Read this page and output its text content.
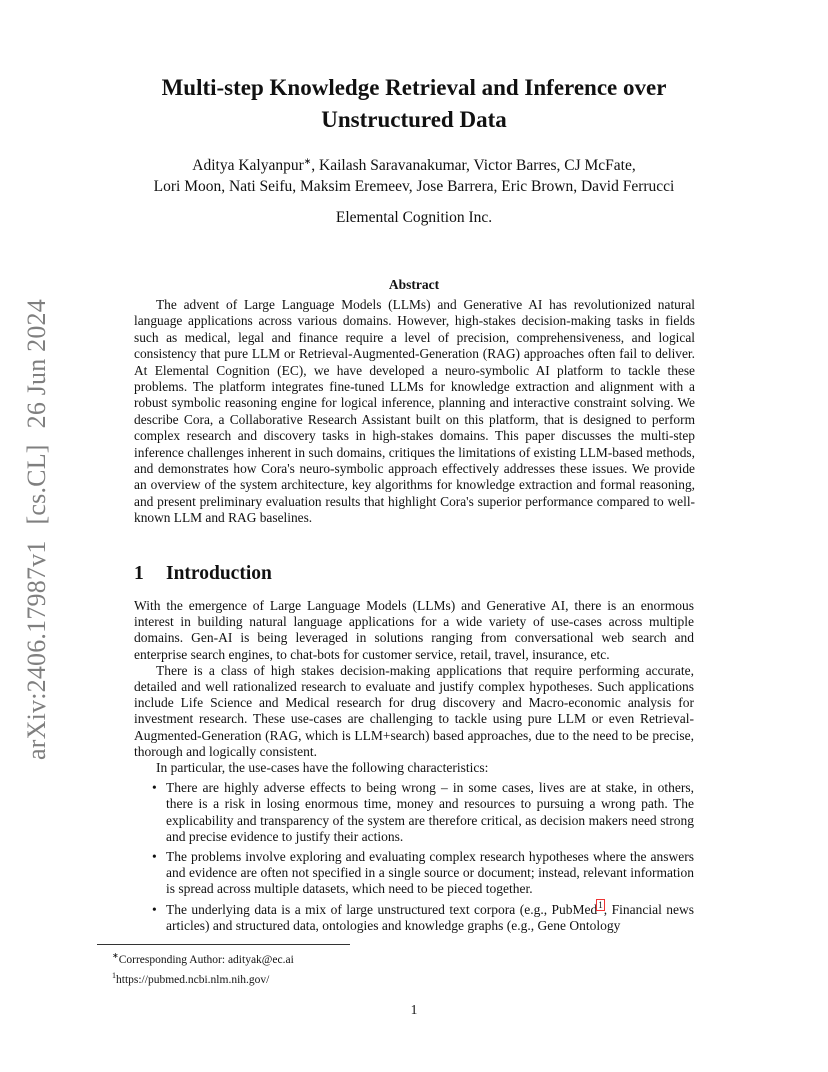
arXiv:2406.17987v1[cs.CL]26 Jun 2024
Multi-step Knowledge Retrieval and Inference over
Unstructured Data
Aditya Kalyanpur∗, Kailash Saravanakumar, Victor Barres, CJ McFate,
Lori Moon, Nati Seifu, Maksim Eremeev, Jose Barrera, Eric Brown, David Ferrucci
Elemental Cognition Inc.
Abstract
The advent of Large Language Models (LLMs) and Generative AI has revolutionized natural language applications across various domains. However, high-stakes decision-making tasks in fields such as medical, legal and finance require a level of precision, comprehensiveness, and logical consistency that pure LLM or Retrieval-Augmented-Generation (RAG) approaches often fail to deliver. At Elemental Cognition (EC), we have developed a neuro-symbolic AI platform to tackle these problems. The platform integrates fine-tuned LLMs for knowledge extraction and alignment with a robust symbolic reasoning engine for logical inference, planning and interactive constraint solving. We describe Cora, a Collaborative Research Assistant built on this platform, that is designed to perform complex research and discovery tasks in high-stakes domains. This paper discusses the multi-step inference challenges inherent in such domains, critiques the limitations of existing LLM-based methods, and demonstrates how Cora's neuro-symbolic approach effectively addresses these issues. We provide an overview of the system architecture, key algorithms for knowledge extraction and formal reasoning, and present preliminary evaluation results that highlight Cora's superior performance compared to well-known LLM and RAG baselines.
1 Introduction

With the emergence of Large Language Models (LLMs) and Generative AI, there is an enormous interest in building natural language applications for a wide variety of use-cases across multiple domains. Gen-AI is being leveraged in solutions ranging from conversational web search and enterprise search engines, to chat-bots for customer service, retail, travel, insurance, etc.

There is a class of high stakes decision-making applications that require performing accurate, detailed and well rationalized research to evaluate and justify complex hypotheses. Such applications include Life Science and Medical research for drug discovery and Macro-economic analysis for investment research. These use-cases are challenging to tackle using pure LLM or even Retrieval-Augmented-Generation (RAG, which is LLM+search) based approaches, due to the need to be precise, thorough and logically consistent.

In particular, the use-cases have the following characteristics:

• There are highly adverse effects to being wrong – in some cases, lives are at stake, in others, there is a risk in losing enormous time, money and resources to pursuing a wrong path. The explicability and transparency of the system are therefore critical, as decision makers need strong and precise evidence to justify their actions.
• The problems involve exploring and evaluating complex research hypotheses where the answers and evidence are often not specified in a single source or document; instead, relevant information is spread across multiple datasets, which need to be pieced together.
• The underlying data is a mix of large unstructured text corpora (e.g., PubMed$^1$, Financial news articles) and structured data, ontologies and knowledge graphs (e.g., Gene Ontology

∗Corresponding Author: adityak@ec.ai

$^1$https://pubmed.ncbi.nlm.nih.gov/

1
